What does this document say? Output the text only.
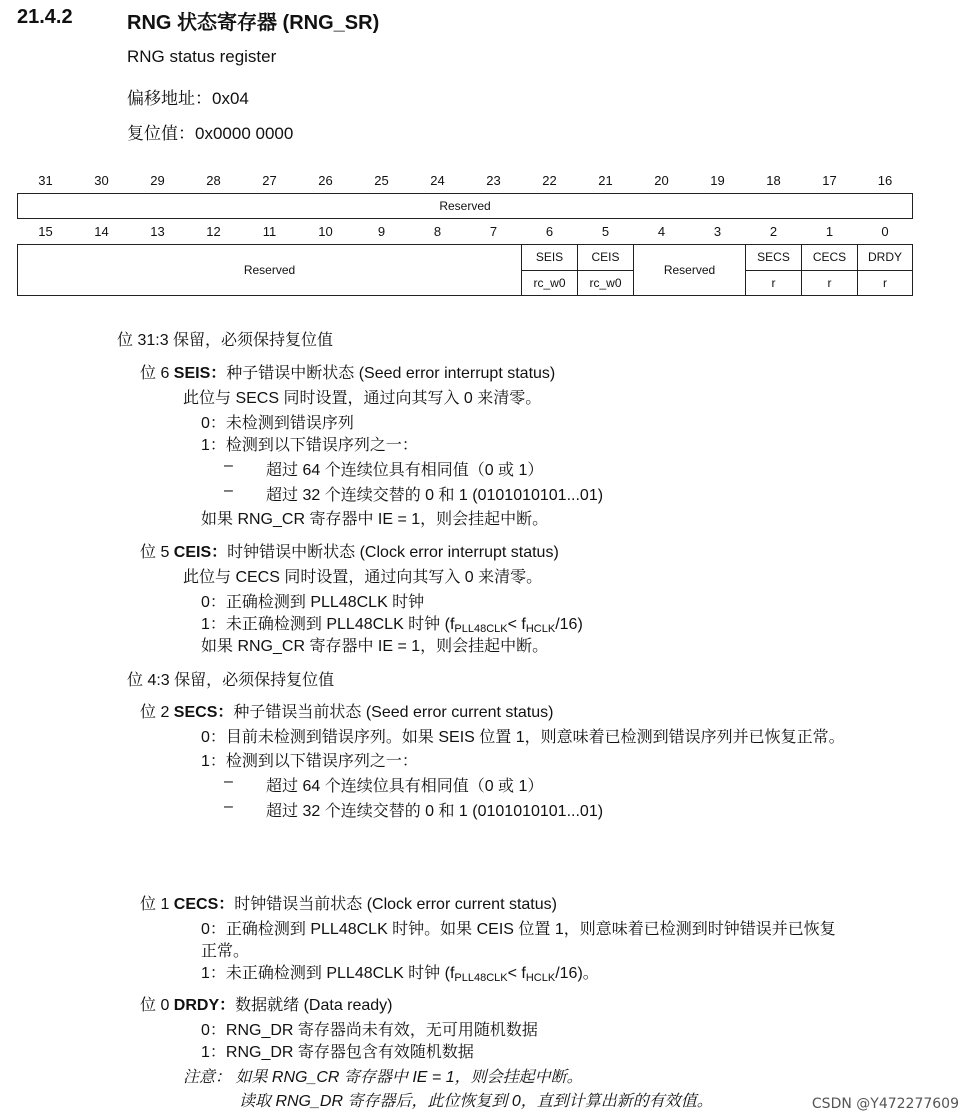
21.4.2	RNG 状态寄存器 (RNG_SR)
RNG status register
偏移地址：0x04
复位值：0x0000 0000
31	30	29	28	27	26	25	24	23	22	21	20	19	18	17	16
Reserved
15	14	13	12	11	10	9	8	7	6	5	4	3	2	1	0
Reserved									SEIS	CEIS	Reserved		SECS	CECS	DRDY
									rc_w0	rc_w0			r	r	r
位 31:3 保留，必须保持复位值
位 6 SEIS：种子错误中断状态 (Seed error interrupt status)
此位与 SECS 同时设置，通过向其写入 0 来清零。
0：未检测到错误序列
1：检测到以下错误序列之一：
– 超过 64 个连续位具有相同值（0 或 1）
– 超过 32 个连续交替的 0 和 1 (0101010101...01)
如果 RNG_CR 寄存器中 IE = 1，则会挂起中断。
位 5 CEIS：时钟错误中断状态 (Clock error interrupt status)
此位与 CECS 同时设置，通过向其写入 0 来清零。
0：正确检测到 PLL48CLK 时钟
1：未正确检测到 PLL48CLK 时钟 (fPLL48CLK< fHCLK/16)
如果 RNG_CR 寄存器中 IE = 1，则会挂起中断。
位 4:3 保留，必须保持复位值
位 2 SECS：种子错误当前状态 (Seed error current status)
0：目前未检测到错误序列。如果 SEIS 位置 1，则意味着已检测到错误序列并已恢复正常。
1：检测到以下错误序列之一：
– 超过 64 个连续位具有相同值（0 或 1）
– 超过 32 个连续交替的 0 和 1 (0101010101...01)
位 1 CECS：时钟错误当前状态 (Clock error current status)
0：正确检测到 PLL48CLK 时钟。如果 CEIS 位置 1，则意味着已检测到时钟错误并已恢复
正常。
1：未正确检测到 PLL48CLK 时钟 (fPLL48CLK< fHCLK/16)。
位 0 DRDY：数据就绪 (Data ready)
0：RNG_DR 寄存器尚未有效，无可用随机数据
1：RNG_DR 寄存器包含有效随机数据
注意： 如果 RNG_CR 寄存器中 IE = 1，则会挂起中断。
读取 RNG_DR 寄存器后，此位恢复到 0，直到计算出新的有效值。	CSDN @Y472277609
